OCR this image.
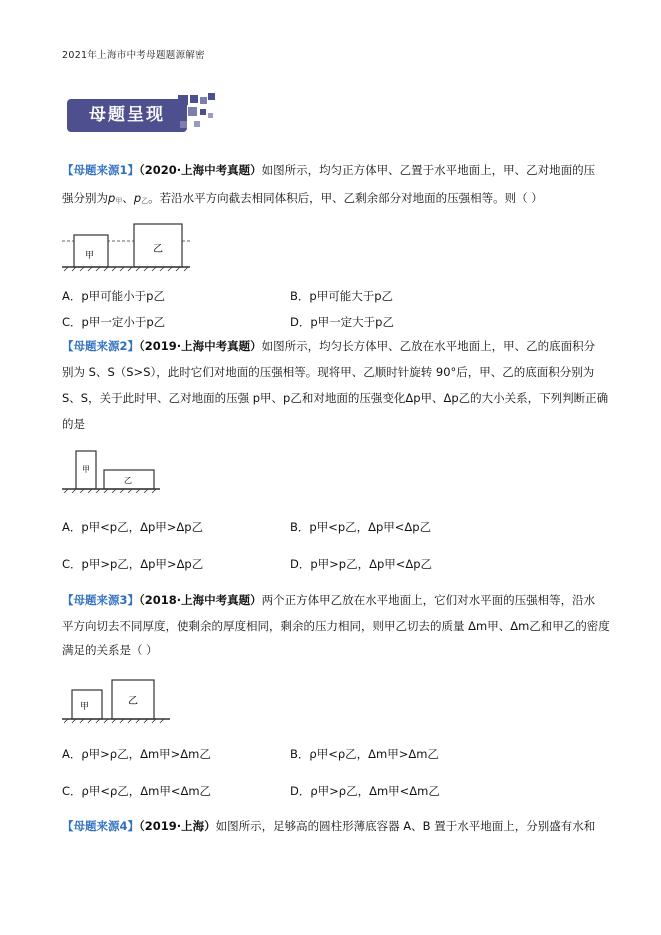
2021年上海市中考母题题源解密
母题呈现
【母题来源1】（2020·上海中考真题）如图所示，均匀正方体甲、乙置于水平地面上，甲、乙对地面的压
强分别为p甲、p乙。若沿水平方向截去相同体积后，甲、乙剩余部分对地面的压强相等。则（ ）
甲
乙
A．p甲可能小于p乙	B．p甲可能大于p乙
C．p甲一定小于p乙	D．p甲一定大于p乙
【母题来源2】（2019·上海中考真题）如图所示，均匀长方体甲、乙放在水平地面上，甲、乙的底面积分
别为 S、S（S>S），此时它们对地面的压强相等。现将甲、乙顺时针旋转 90°后，甲、乙的底面积分别为
S、S，关于此时甲、乙对地面的压强 p甲、p乙和对地面的压强变化Δp甲、Δp乙的大小关系，下列判断正确
的是
甲
乙
A．p甲<p乙，Δp甲>Δp乙	B．p甲<p乙，Δp甲<Δp乙
C．p甲>p乙，Δp甲>Δp乙	D．p甲>p乙，Δp甲<Δp乙
【母题来源3】（2018·上海中考真题）两个正方体甲乙放在水平地面上，它们对水平面的压强相等，沿水
平方向切去不同厚度，使剩余的厚度相同，剩余的压力相同，则甲乙切去的质量 Δm甲、Δm乙和甲乙的密度
满足的关系是（ ）
甲	乙
A．ρ甲>ρ乙，Δm甲>Δm乙	B．ρ甲<ρ乙，Δm甲>Δm乙
C．ρ甲<ρ乙，Δm甲<Δm乙	D．ρ甲>ρ乙，Δm甲<Δm乙
【母题来源4】（2019·上海）如图所示，足够高的圆柱形薄底容器 A、B 置于水平地面上，分别盛有水和
